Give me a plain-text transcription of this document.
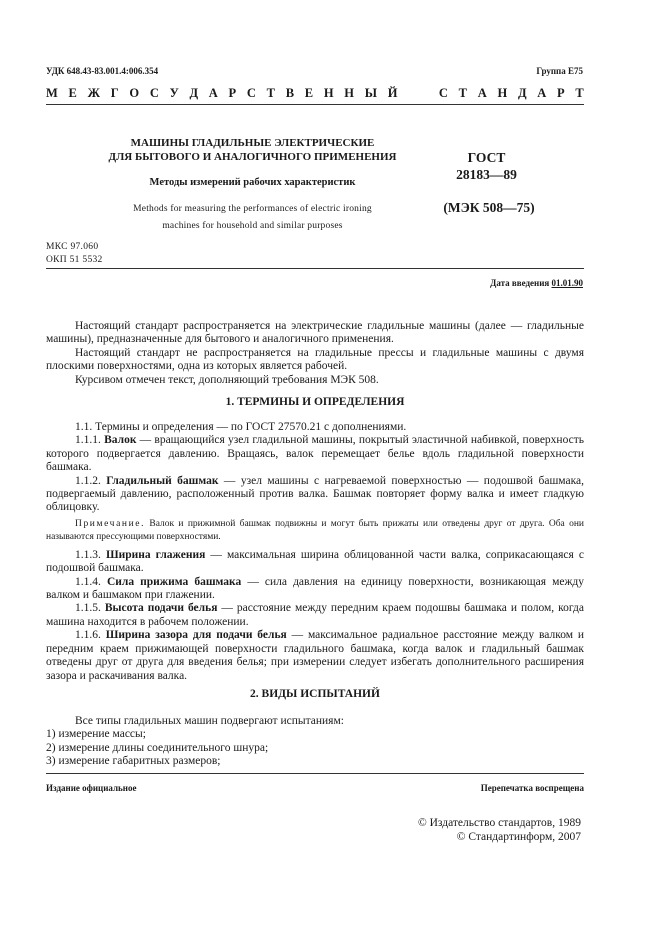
УДК 648.43-83.001.4:006.354	Группа Е75
М Е Ж Г О С У Д А Р С Т В Е Н Н Ы Й	С Т А Н Д А Р Т
МАШИНЫ ГЛАДИЛЬНЫЕ ЭЛЕКТРИЧЕСКИЕ
ДЛЯ БЫТОВОГО И АНАЛОГИЧНОГО ПРИМЕНЕНИЯ
Методы измерений рабочих характеристик
Methods for measuring the performances of electric ironing
machines for household and similar purposes
ГОСТ
28183—89
(МЭК 508—75)
МКС 97.060
ОКП 51 5532
Дата введения 01.01.90

Настоящий стандарт распространяется на электрические гладильные машины (далее — гладильные машины), предназначенные для бытового и аналогичного применения.

Настоящий стандарт не распространяется на гладильные прессы и гладильные машины с двумя плоскими поверхностями, одна из которых является рабочей.

Курсивом отмечен текст, дополняющий требования МЭК 508.

1. ТЕРМИНЫ И ОПРЕДЕЛЕНИЯ

1.1. Термины и определения — по ГОСТ 27570.21 с дополнениями.

1.1.1. Валок — вращающийся узел гладильной машины, покрытый эластичной набивкой, поверхность которого подвергается давлению. Вращаясь, валок перемещает белье вдоль гладильной поверхности башмака.

1.1.2. Гладильный башмак — узел машины с нагреваемой поверхностью — подошвой башмака, подвергаемый давлению, расположенный против валка. Башмак повторяет форму валка и имеет гладкую облицовку.

Примечание. Валок и прижимной башмак подвижны и могут быть прижаты или отведены друг от друга. Оба они называются прессующими поверхностями.

1.1.3. Ширина глажения — максимальная ширина облицованной части валка, соприкасающаяся с подошвой башмака.

1.1.4. Сила прижима башмака — сила давления на единицу поверхности, возникающая между валком и башмаком при глажении.

1.1.5. Высота подачи белья — расстояние между передним краем подошвы башмака и полом, когда машина находится в рабочем положении.

1.1.6. Ширина зазора для подачи белья — максимальное радиальное расстояние между валком и передним краем прижимающей поверхности гладильного башмака, когда валок и гладильный башмак отведены друг от друга для введения белья; при измерении следует избегать дополнительного расширения зазора и раскачивания валка.

2. ВИДЫ ИСПЫТАНИЙ

Все типы гладильных машин подвергают испытаниям:

1) измерение массы;

2) измерение длины соединительного шнура;

3) измерение габаритных размеров;

Издание официальное	Перепечатка воспрещена
© Издательство стандартов, 1989
© Стандартинформ, 2007
